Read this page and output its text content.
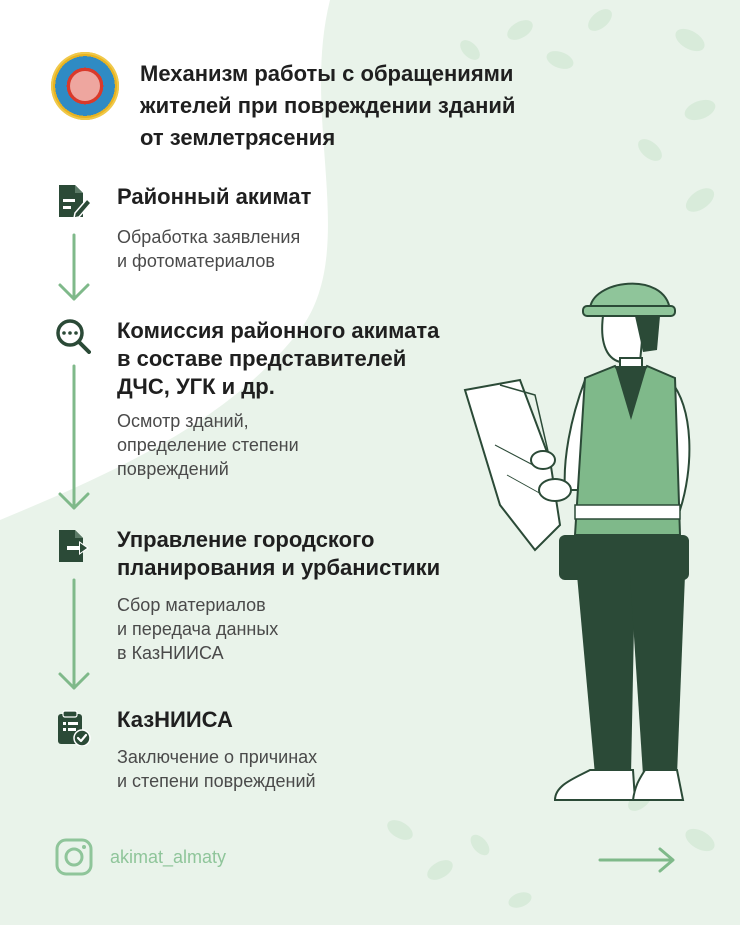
Механизм работы с обращениями
жителей при повреждении зданий
от землетрясения
Районный акимат
Обработка заявления
и фотоматериалов
Комиссия районного акимата
в составе представителей
ДЧС, УГК и др.
Осмотр зданий,
определение степени
повреждений
Управление городского
планирования и урбанистики
Сбор материалов
и передача данных
в КазНИИСА
КазНИИСА
Заключение о причинах
и степени повреждений
akimat_almaty
